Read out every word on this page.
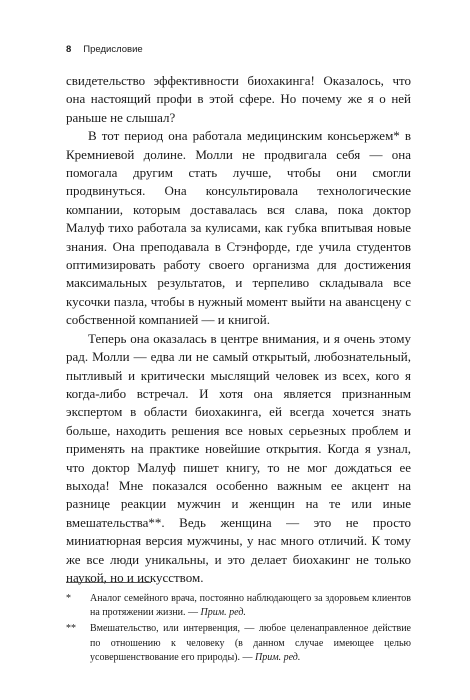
8 Предисловие

свидетельство эффективности биохакинга! Оказалось, что она настоящий профи в этой сфере. Но почему же я о ней раньше не слышал?

В тот период она работала медицинским консьержем* в Кремниевой долине. Молли не продвигала себя — она помогала другим стать лучше, чтобы они смогли продвинуться. Она консультировала технологические компании, которым доставалась вся слава, пока доктор Малуф тихо работала за кулисами, как губка впитывая новые знания. Она преподавала в Стэнфорде, где учила студентов оптимизировать работу своего организма для достижения максимальных результатов, и терпеливо складывала все кусочки пазла, чтобы в нужный момент выйти на авансцену с собственной компанией — и книгой.

Теперь она оказалась в центре внимания, и я очень этому рад. Молли — едва ли не самый открытый, любознательный, пытливый и критически мыслящий человек из всех, кого я когда-либо встречал. И хотя она является признанным экспертом в области биохакинга, ей всегда хочется знать больше, находить решения все новых серьезных проблем и применять на практике новейшие открытия. Когда я узнал, что доктор Малуф пишет книгу, то не мог дождаться ее выхода! Мне показался особенно важным ее акцент на разнице реакции мужчин и женщин на те или иные вмешательства**. Ведь женщина — это не просто миниатюрная версия мужчины, у нас много отличий. К тому же все люди уникальны, и это делает биохакинг не только наукой, но и искусством.

* Аналог семейного врача, постоянно наблюдающего за здоровьем клиентов на протяжении жизни. — Прим. ред.
** Вмешательство, или интервенция, — любое целенаправленное действие по отношению к человеку (в данном случае имеющее целью усовершенствование его природы). — Прим. ред.
